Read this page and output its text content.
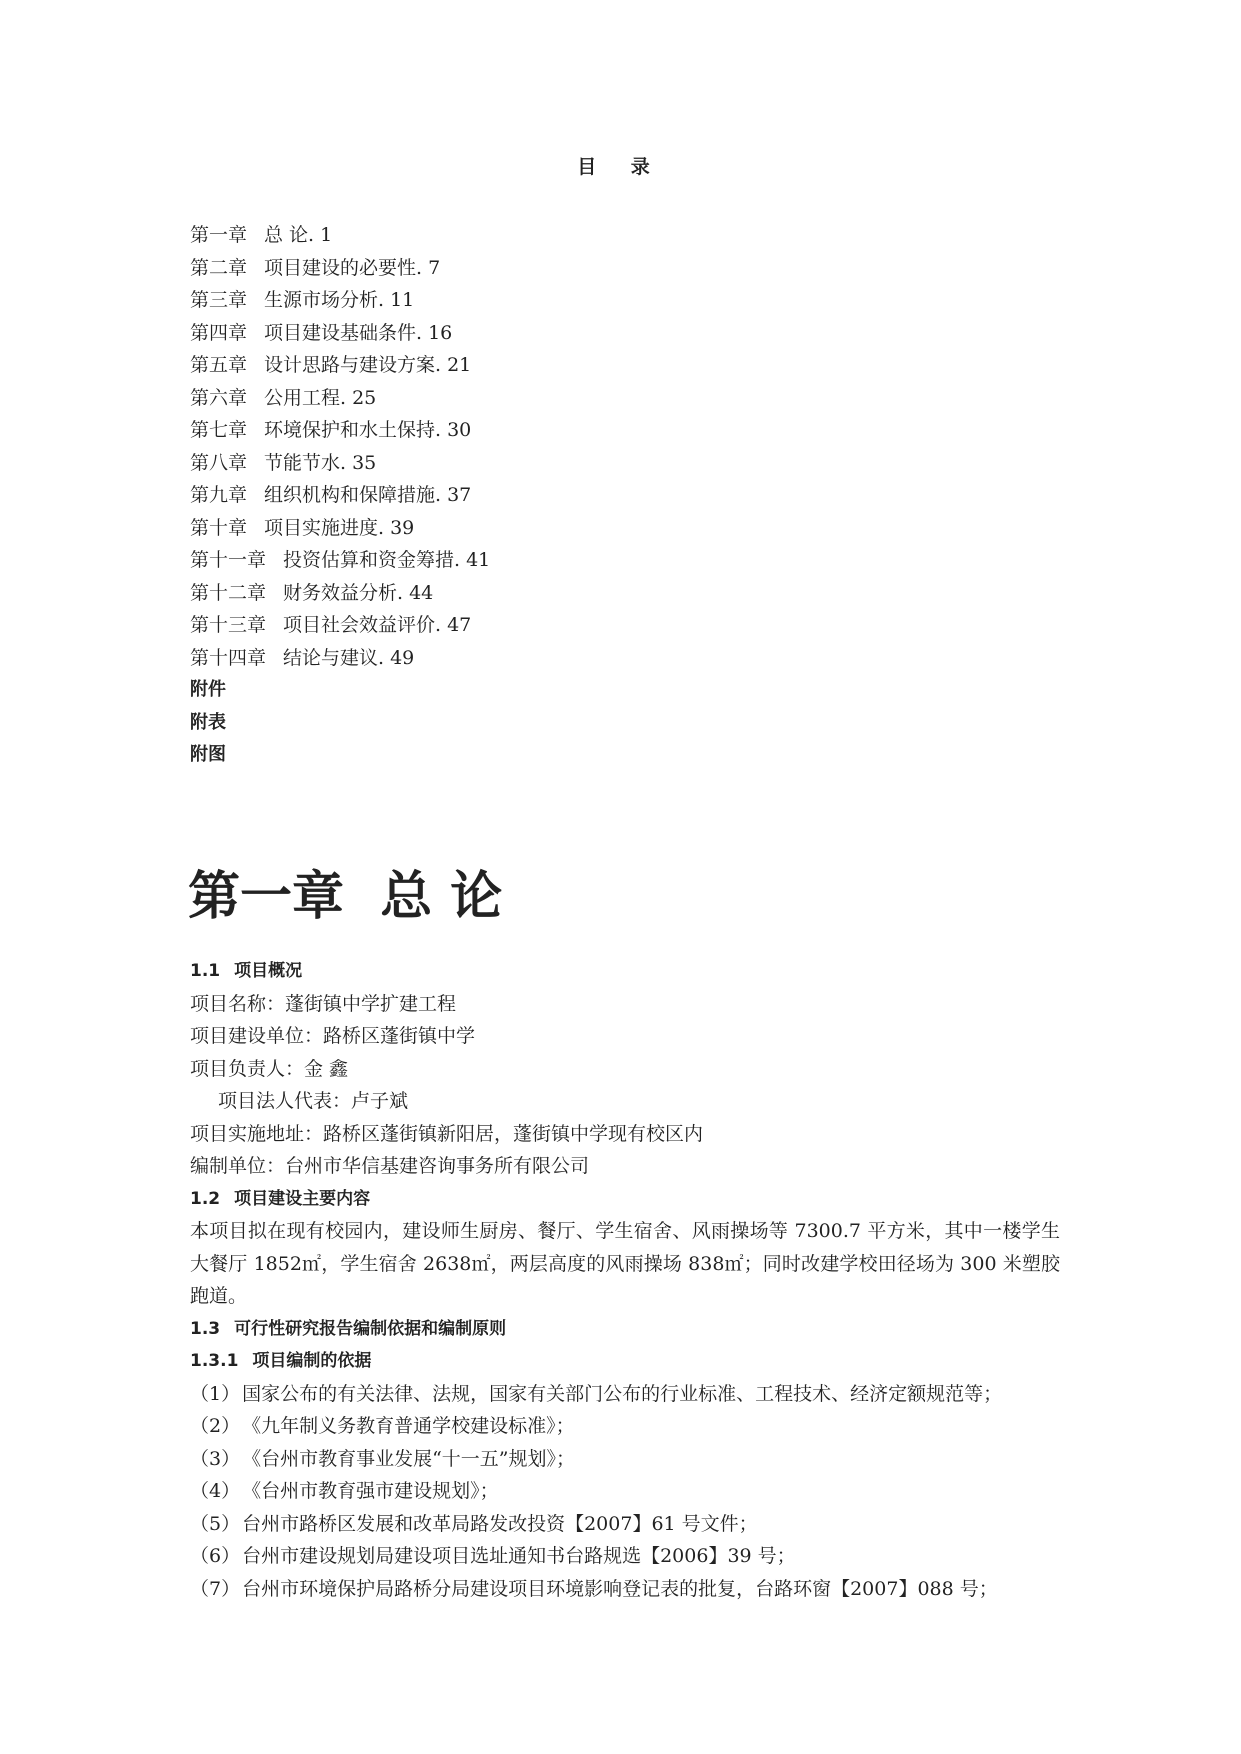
目 录
第一章 总 论. 1
第二章 项目建设的必要性. 7
第三章 生源市场分析. 11
第四章 项目建设基础条件. 16
第五章 设计思路与建设方案. 21
第六章 公用工程. 25
第七章 环境保护和水土保持. 30
第八章 节能节水. 35
第九章 组织机构和保障措施. 37
第十章 项目实施进度. 39
第十一章 投资估算和资金筹措. 41
第十二章 财务效益分析. 44
第十三章 项目社会效益评价. 47
第十四章 结论与建议. 49
附件
附表
附图
第一章  总 论
1.1 项目概况
项目名称：蓬街镇中学扩建工程
项目建设单位：路桥区蓬街镇中学
项目负责人：金 鑫
项目法人代表：卢子斌
项目实施地址：路桥区蓬街镇新阳居，蓬街镇中学现有校区内
编制单位：台州市华信基建咨询事务所有限公司
1.2 项目建设主要内容
本项目拟在现有校园内，建设师生厨房、餐厅、学生宿舍、风雨操场等 7300.7 平方米，其中一楼学生大餐厅 1852㎡，学生宿舍 2638㎡，两层高度的风雨操场 838㎡；同时改建学校田径场为 300 米塑胶跑道。
1.3 可行性研究报告编制依据和编制原则
1.3.1 项目编制的依据
（1） 国家公布的有关法律、法规，国家有关部门公布的行业标准、工程技术、经济定额规范等；
（2） 《九年制义务教育普通学校建设标准》；
（3） 《台州市教育事业发展“十一五”规划》；
（4） 《台州市教育强市建设规划》；
（5） 台州市路桥区发展和改革局路发改投资【2007】61 号文件；
（6） 台州市建设规划局建设项目选址通知书台路规选【2006】39 号；
（7） 台州市环境保护局路桥分局建设项目环境影响登记表的批复，台路环窗【2007】088 号；
